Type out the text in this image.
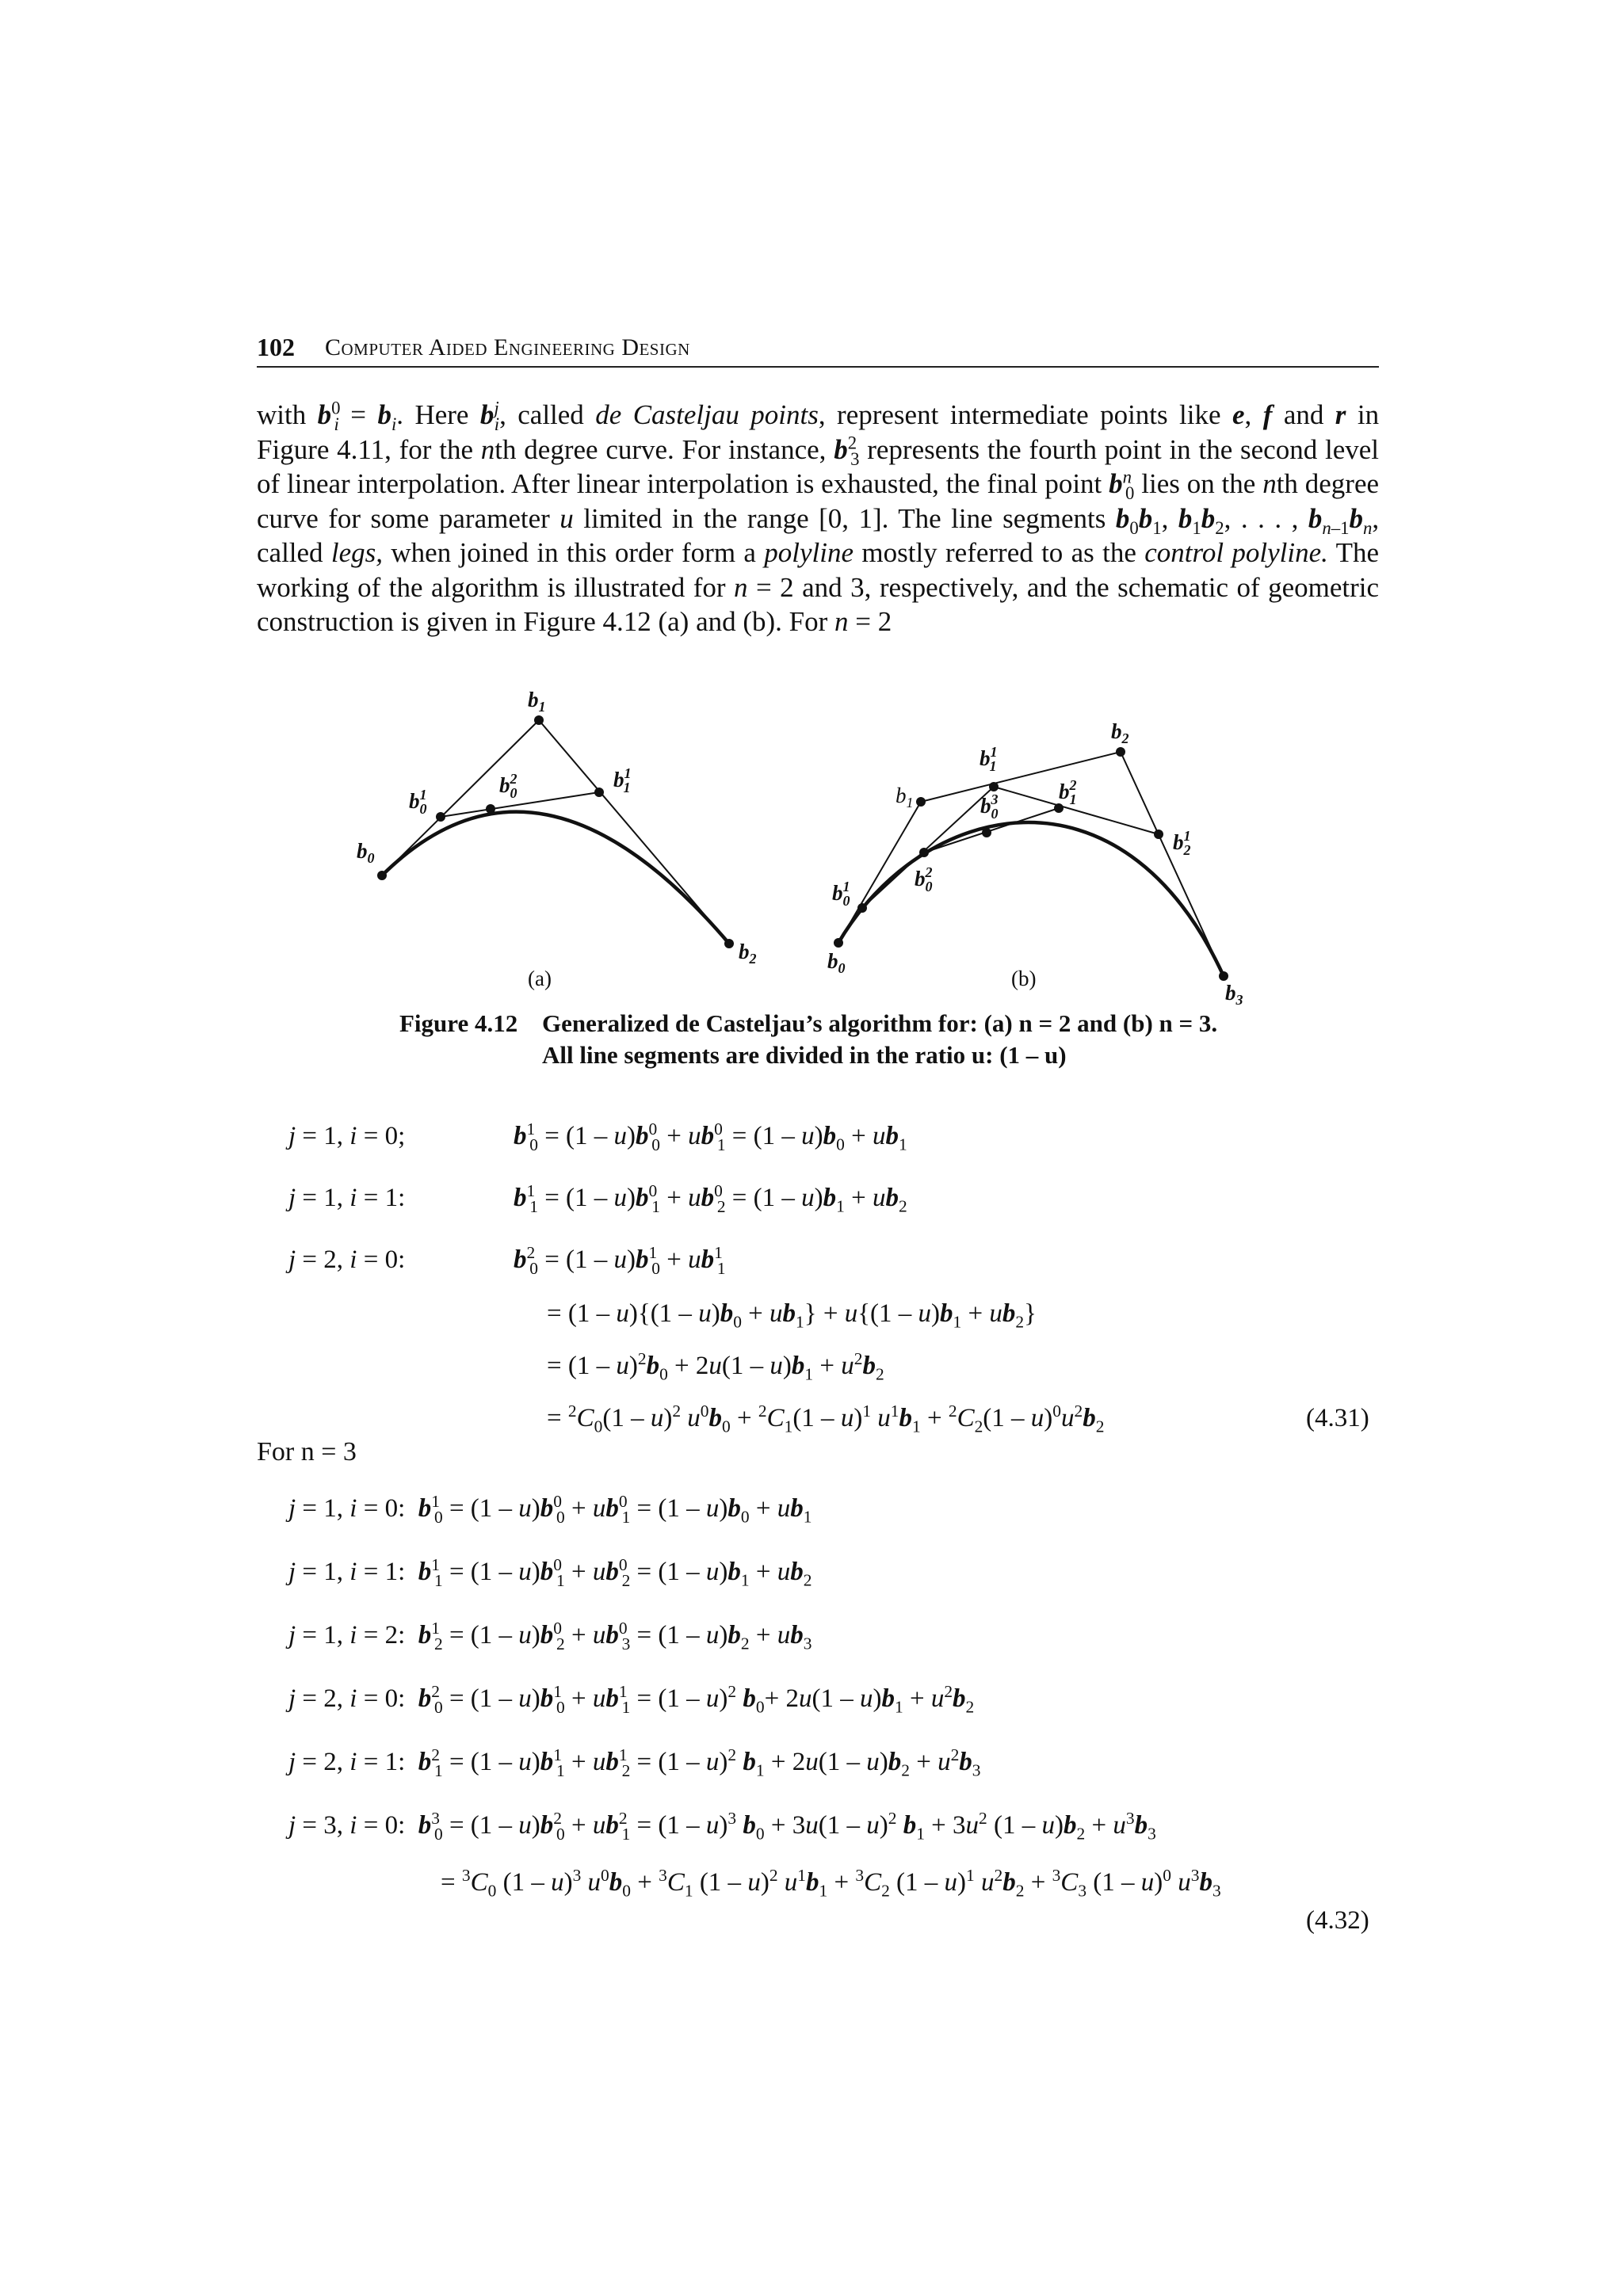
102 Computer Aided Engineering Design
with $b^0_i = b_i$. Here $b^j_i$, called de Casteljau points, represent intermediate points like e, f and r in
Figure 4.11, for the nth degree curve. For instance, $b^2_3$ represents the fourth point in the second level
of linear interpolation. After linear interpolation is exhausted, the final point $b^n_0$ lies on the nth degree
curve for some parameter u limited in the range [0, 1]. The line segments $b_0b_1$, $b_1b_2$, . . . , $b_{n-1}b_n$,
called legs, when joined in this order form a polyline mostly referred to as the control polyline. The
working of the algorithm is illustrated for n = 2 and 3, respectively, and the schematic of geometric
construction is given in Figure 4.12 (a) and (b). For n = 2
$b_0$
$b_1$
$b_2$
$b^1$ 0
$b^2$ 0
$b^1$ 1
(a)
$b_0$
$b_1$
$b_2$
$b_3$
$b^1$ 0
$b^1$ 1
$b^1$ 2
$b^2$ 0
$b^2$ 1
$b^3$ 0
(b)
Figure 4.12 Generalized de Casteljau’s algorithm for: (a) n = 2 and (b) n = 3.
All line segments are divided in the ratio u: (1 – u)
j = 1, i = 0;	$b^1_0 = (1 - u)b^0_0 + ub^0_1 = (1 - u)b_0 + ub_1$
j = 1, i = 1:	$b^1_1 = (1 - u)b^0_1 + ub^0_2 = (1 - u)b_1 + ub_2$
j = 2, i = 0:	$b^2_0 = (1 - u)b^1_0 + ub^1_1$
= $(1 - u)\{(1 - u)b_0 + ub_1\} + u\{(1 - u)b_1 + ub_2\}$
= $(1 - u)^2b_0 + 2u(1 - u)b_1 + u^2b_2$
= $^2C_0(1 - u)^2$ $u^0b_0 + ^2C_1(1 - u)^1$ $u^1b_1 + ^2C_2(1 - u)^0u^2b_2$	(4.31)
For n = 3
j = 1, i = 0:  $b^1_0 = (1 - u)b^0_0 + ub^0_1 = (1 - u)b_0 + ub_1$
j = 1, i = 1:  $b^1_1 = (1 - u)b^0_1 + ub^0_2 = (1 - u)b_1 + ub_2$
j = 1, i = 2:  $b^1_2 = (1 - u)b^0_2 + ub^0_3 = (1 - u)b_2 + ub_3$
j = 2, i = 0:  $b^2_0 = (1 - u)b^1_0 + ub^1_1 = (1 - u)^2$ $b_0+ 2u(1 - u)b_1 + u^2b_2$
j = 2, i = 1:  $b^2_1 = (1 - u)b^1_1 + ub^1_2 = (1 - u)^2$ $b_1 + 2u(1 - u)b_2 + u^2b_3$
j = 3, i = 0:  $b^3_0 = (1 - u)b^2_0 + ub^2_1 = (1 - u)^3$ $b_0 + 3u(1 - u)^2$ $b_1 + 3u^2$ $(1 - u)b_2 + u^3b_3$
= $^3C_0$ (1 – u)$^3$ $u^0b_0 + ^3C_1$ (1 – u)$^2$ $u^1b_1 + ^3C_2$ (1 – u)$^1$ $u^2b_2 + ^3C_3$ (1 – u)$^0$ $u^3b_3$
(4.32)
